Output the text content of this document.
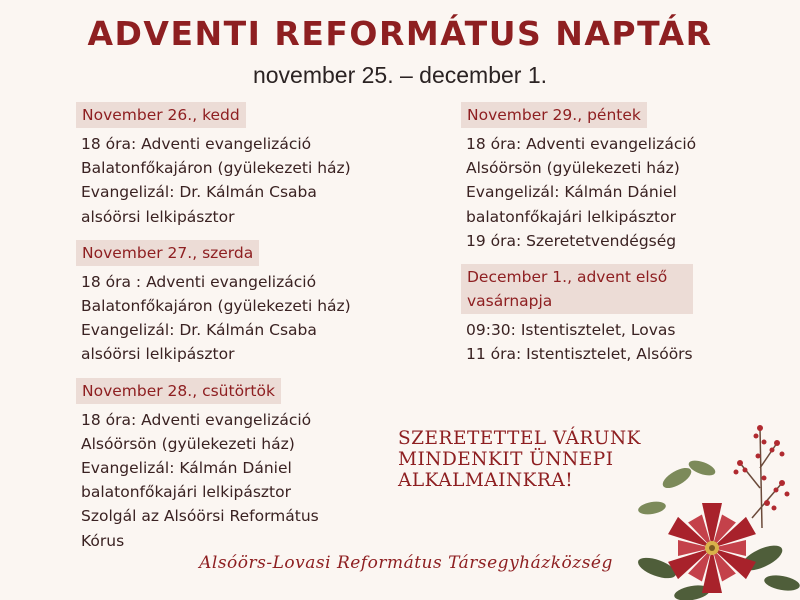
ADVENTI REFORMÁTUS NAPTÁR
november 25. – december 1.
November 26., kedd
18 óra: Adventi evangelizáció
Balatonfőkajáron (gyülekezeti ház)
Evangelizál: Dr. Kálmán Csaba
alsóörsi lelkipásztor
November 27., szerda
18 óra : Adventi evangelizáció
Balatonfőkajáron (gyülekezeti ház)
Evangelizál: Dr. Kálmán Csaba
alsóörsi lelkipásztor
November 28., csütörtök
18 óra: Adventi evangelizáció
Alsóörsön (gyülekezeti ház)
Evangelizál: Kálmán Dániel
balatonfőkajári lelkipásztor
Szolgál az Alsóörsi Református
Kórus
November 29., péntek
18 óra: Adventi evangelizáció
Alsóörsön (gyülekezeti ház)
Evangelizál: Kálmán Dániel
balatonfőkajári lelkipásztor
19 óra: Szeretetvendégség
December 1., advent első vasárnapja
09:30: Istentisztelet, Lovas
11 óra: Istentisztelet, Alsóörs
SZERETETTEL VÁRUNK
MINDENKIT ÜNNEPI
ALKALMAINKRA!
Alsóörs-Lovasi Református Társegyházközség
